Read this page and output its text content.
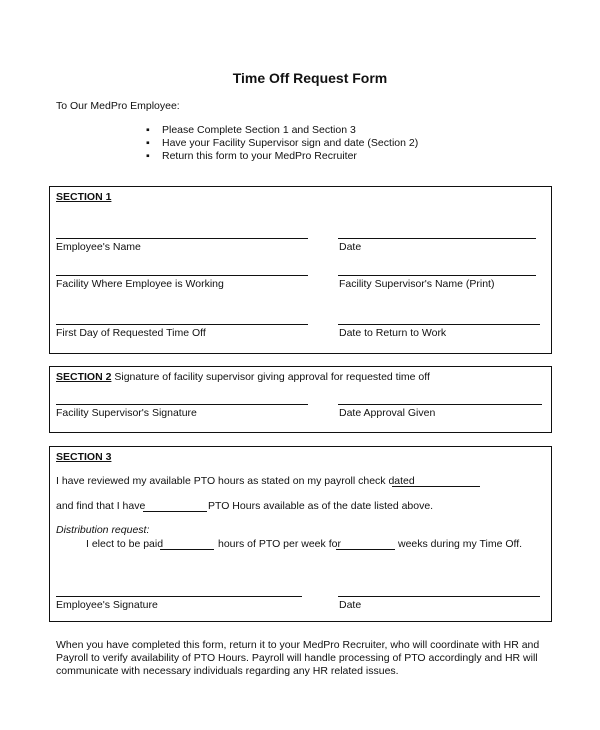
Time Off Request Form
To Our MedPro Employee:
▪ Please Complete Section 1 and Section 3
▪ Have your Facility Supervisor sign and date (Section 2)
▪ Return this form to your MedPro Recruiter
SECTION 1
Employee's Name	Date
Facility Where Employee is Working	Facility Supervisor's Name (Print)
First Day of Requested Time Off	Date to Return to Work
SECTION 2 Signature of facility supervisor giving approval for requested time off
Facility Supervisor's Signature	Date Approval Given
SECTION 3
I have reviewed my available PTO hours as stated on my payroll check dated
and find that I have	PTO Hours available as of the date listed above.
Distribution request:
I elect to be paid	hours of PTO per week for	weeks during my Time Off.
Employee's Signature	Date
When you have completed this form, return it to your MedPro Recruiter, who will coordinate with HR and Payroll to verify availability of PTO Hours. Payroll will handle processing of PTO accordingly and HR will communicate with necessary individuals regarding any HR related issues.
